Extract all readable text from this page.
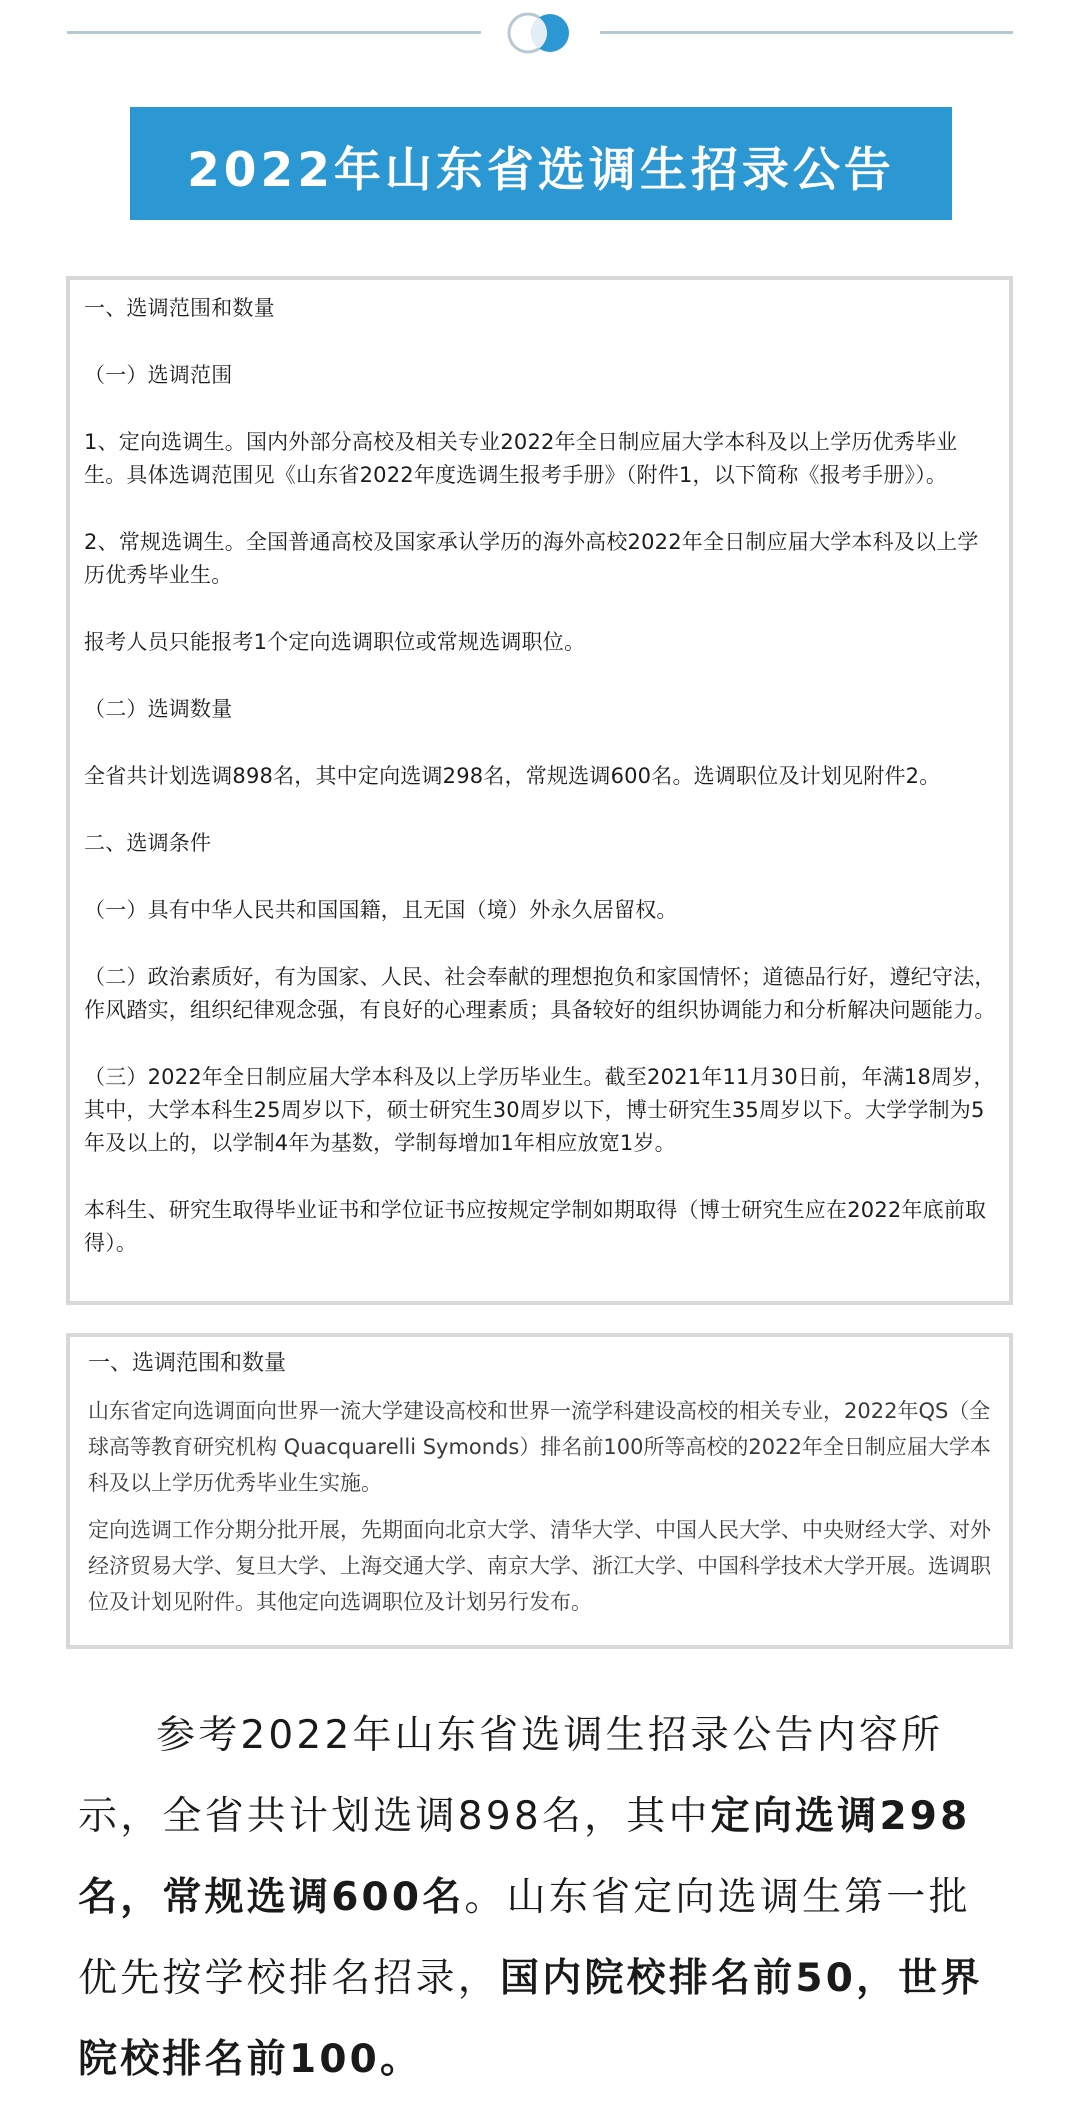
2022年山东省选调生招录公告

一、选调范围和数量

（一）选调范围

1、定向选调生。国内外部分高校及相关专业2022年全日制应届大学本科及以上学历优秀毕业生。具体选调范围见《山东省2022年度选调生报考手册》（附件1，以下简称《报考手册》）。

2、常规选调生。全国普通高校及国家承认学历的海外高校2022年全日制应届大学本科及以上学历优秀毕业生。

报考人员只能报考1个定向选调职位或常规选调职位。

（二）选调数量

全省共计划选调898名，其中定向选调298名，常规选调600名。选调职位及计划见附件2。

二、选调条件

（一）具有中华人民共和国国籍，且无国（境）外永久居留权。

（二）政治素质好，有为国家、人民、社会奉献的理想抱负和家国情怀；道德品行好，遵纪守法，作风踏实，组织纪律观念强，有良好的心理素质；具备较好的组织协调能力和分析解决问题能力。

（三）2022年全日制应届大学本科及以上学历毕业生。截至2021年11月30日前，年满18周岁，其中，大学本科生25周岁以下，硕士研究生30周岁以下，博士研究生35周岁以下。大学学制为5年及以上的，以学制4年为基数，学制每增加1年相应放宽1岁。

本科生、研究生取得毕业证书和学位证书应按规定学制如期取得（博士研究生应在2022年底前取得）。

一、选调范围和数量

山东省定向选调面向世界一流大学建设高校和世界一流学科建设高校的相关专业，2022年QS（全球高等教育研究机构 Quacquarelli Symonds）排名前100所等高校的2022年全日制应届大学本科及以上学历优秀毕业生实施。

定向选调工作分期分批开展，先期面向北京大学、清华大学、中国人民大学、中央财经大学、对外经济贸易大学、复旦大学、上海交通大学、南京大学、浙江大学、中国科学技术大学开展。选调职位及计划见附件。其他定向选调职位及计划另行发布。

参考2022年山东省选调生招录公告内容所示，全省共计划选调898名，其中定向选调298名，常规选调600名。山东省定向选调生第一批优先按学校排名招录，国内院校排名前50，世界院校排名前100。
